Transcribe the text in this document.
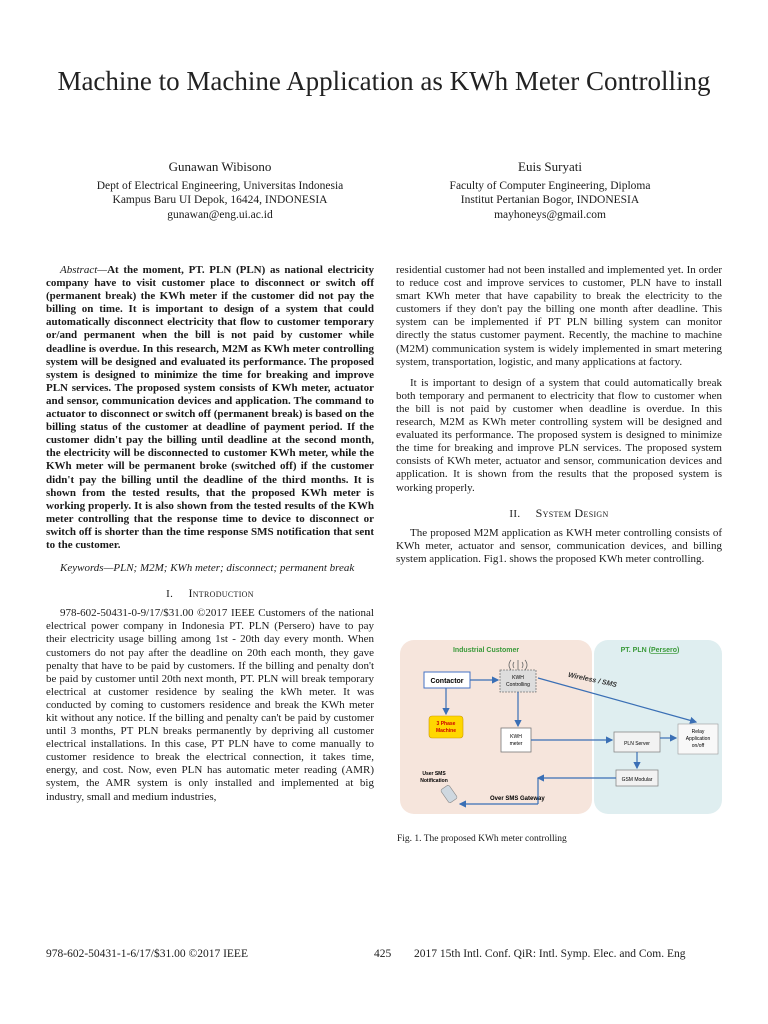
Machine to Machine Application as KWh Meter Controlling
Gunawan Wibisono
Dept of Electrical Engineering, Universitas Indonesia
Kampus Baru UI Depok, 16424, INDONESIA
gunawan@eng.ui.ac.id
Euis Suryati
Faculty of Computer Engineering, Diploma
Institut Pertanian Bogor, INDONESIA
mayhoneys@gmail.com

Abstract—At the moment, PT. PLN (PLN) as national electricity company have to visit customer place to disconnect or switch off (permanent break) the KWh meter if the customer did not pay the billing on time. It is important to design of a system that could automatically disconnect electricity that flow to customer temporary or/and permanent when the bill is not paid by customer while deadline is overdue. In this research, M2M as KWh meter controlling system will be designed and evaluated its performance. The proposed system is designed to minimize the time for breaking and improve PLN services. The proposed system consists of KWh meter, actuator and sensor, communication devices and application. The command to actuator to disconnect or switch off (permanent break) is based on the billing status of the customer at deadline of payment period. If the customer didn't pay the billing until deadline at the second month, the electricity will be disconnected to customer KWh meter, while the KWh meter will be permanent broke (switched off) if the customer didn't pay the billing until the deadline of the third months. It is shown from the tested results, that the proposed KWh meter is working properly. It is also shown from the tested results of the KWh meter controlling that the response time to device to disconnect or switch off is shorter than the time response SMS notification that sent to the customer.

Keywords—PLN; M2M; KWh meter; disconnect; permanent break

I. Introduction

978-602-50431-0-9/17/$31.00 ©2017 IEEE Customers of the national electrical power company in Indonesia PT. PLN (Persero) have to pay their electricity usage billing among 1st - 20th day every month. When customers do not pay after the deadline on 20th each month, they gave penalty that have to be paid by customers. If the billing and penalty don't be paid by customer until 20th next month, PT. PLN will break temporary electrical at customer residence by sealing the kWh meter. It was conducted by coming to customers residence and break the KWh meter kit without any notice. If the billing and penalty can't be paid by customer until 3 months, PT PLN breaks permanently by depriving all customer electrical installations. In this case, PT PLN have to come manually to customer residence to break the electrical connection, it takes time, energy, and cost. Now, even PLN has automatic meter reading (AMR) system, the AMR system is only installed and implemented at big industry, small and medium industries,

residential customer had not been installed and implemented yet. In order to reduce cost and improve services to customer, PLN have to install smart KWh meter that have capability to break the electricity to the customers if they don't pay the billing one month after deadline. This system can be implemented if PT PLN billing system can monitor directly the status customer payment. Recently, the machine to machine (M2M) communication system is widely implemented in smart metering system, transportation, logistic, and many applications at factory.

It is important to design of a system that could automatically break both temporary and permanent to electricity that flow to customer when the bill is not paid by customer when deadline is overdue. In this research, M2M as KWh meter controlling system will be designed and evaluated its performance. The proposed system is designed to minimize the time for breaking and improve PLN services. The proposed system consists of KWh meter, actuator and sensor, communication devices and application. It is shown from the results that the proposed system is working properly.

II. System Design

The proposed M2M application as KWH meter controlling consists of KWh meter, actuator and sensor, communication devices, and billing system application. Fig1. shows the proposed KWh meter controlling.

Industrial Customer	PT. PLN (Persero)
Contactor	KWH
Controlling
3 Phase
Machine
KWH
meter	PLN Server
Relay
Application
on/off
GSM Modular
Wireless / SMS
User SMS
Notification
Over SMS Gateway
Fig. 1. The proposed KWh meter controlling
978-602-50431-1-6/17/$31.00 ©2017 IEEE	425 2017 15th Intl. Conf. QiR: Intl. Symp. Elec. and Com. Eng
